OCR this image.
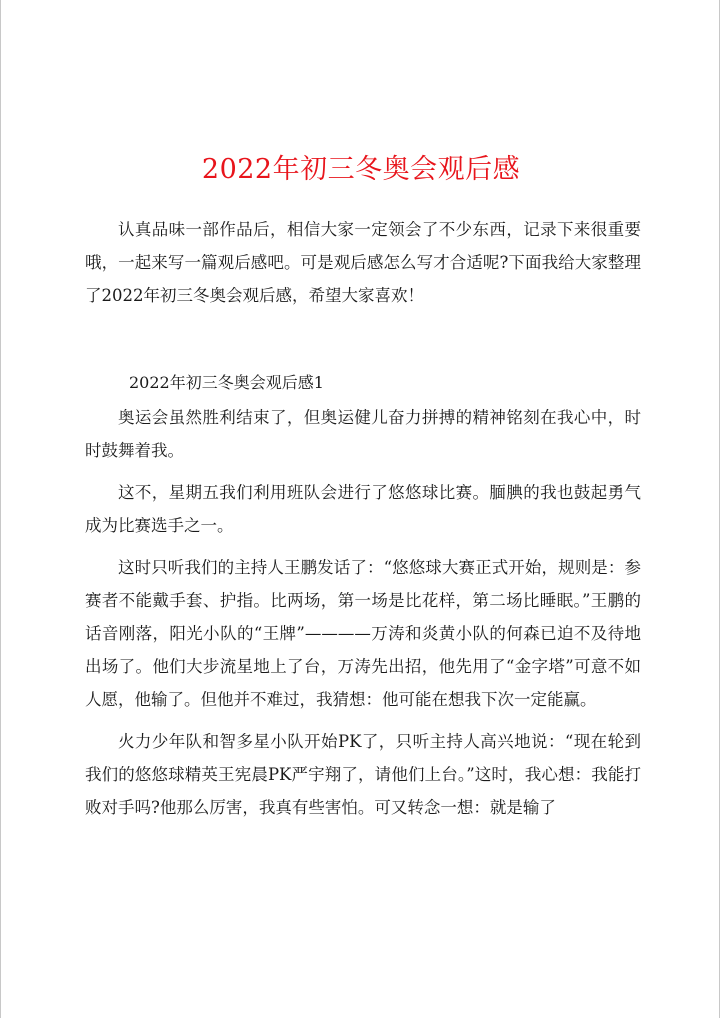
2022年初三冬奥会观后感

认真品味一部作品后，相信大家一定领会了不少东西，记录下来很重要哦，一起来写一篇观后感吧。可是观后感怎么写才合适呢?下面我给大家整理了2022年初三冬奥会观后感，希望大家喜欢！

2022年初三冬奥会观后感1

奥运会虽然胜利结束了，但奥运健儿奋力拼搏的精神铭刻在我心中，时时鼓舞着我。

这不，星期五我们利用班队会进行了悠悠球比赛。腼腆的我也鼓起勇气成为比赛选手之一。

这时只听我们的主持人王鹏发话了：“悠悠球大赛正式开始，规则是：参赛者不能戴手套、护指。比两场，第一场是比花样，第二场比睡眠。”王鹏的话音刚落，阳光小队的“王牌”————万涛和炎黄小队的何森已迫不及待地出场了。他们大步流星地上了台，万涛先出招，他先用了“金字塔”可意不如人愿，他输了。但他并不难过，我猜想：他可能在想我下次一定能赢。

火力少年队和智多星小队开始PK了，只听主持人高兴地说：“现在轮到我们的悠悠球精英王宪晨PK严宇翔了，请他们上台。”这时，我心想：我能打败对手吗?他那么厉害，我真有些害怕。可又转念一想：就是输了
